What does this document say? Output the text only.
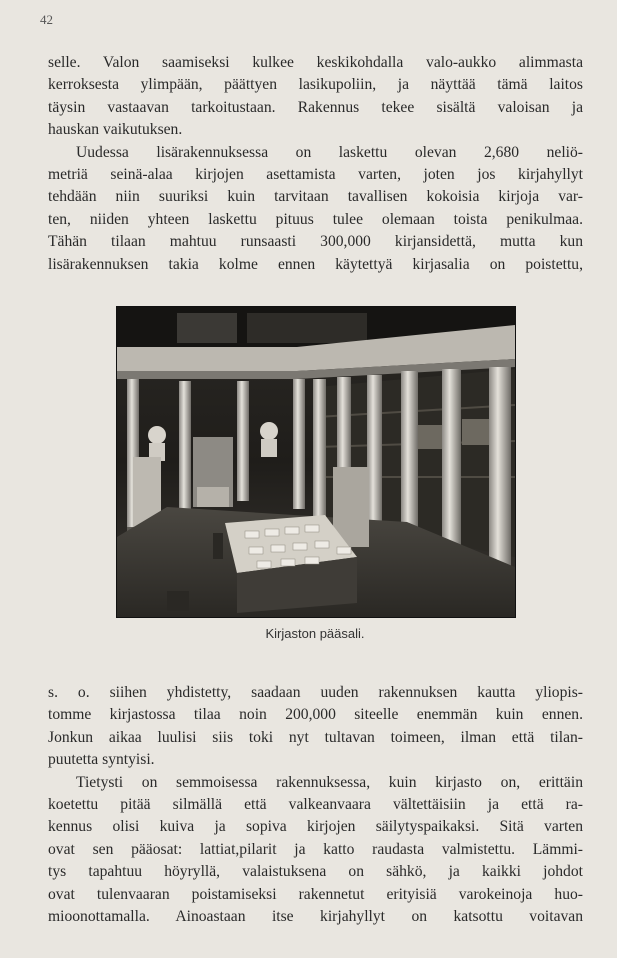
42

selle. Valon saamiseksi kulkee keskikohdalla valo-aukko alimmasta

kerroksesta ylimpään, päättyen lasikupoliin, ja näyttää tämä laitos

täysin vastaavan tarkoitustaan. Rakennus tekee sisältä valoisan ja

hauskan vaikutuksen.

Uudessa lisärakennuksessa on laskettu olevan 2,680 neliö-

metriä seinä-alaa kirjojen asettamista varten, joten jos kirjahyllyt

tehdään niin suuriksi kuin tarvitaan tavallisen kokoisia kirjoja var-

ten, niiden yhteen laskettu pituus tulee olemaan toista penikulmaa.

Tähän tilaan mahtuu runsaasti 300,000 kirjansidettä, mutta kun

lisärakennuksen takia kolme ennen käytettyä kirjasalia on poistettu,

Kirjaston pääsali.

s. o. siihen yhdistetty, saadaan uuden rakennuksen kautta yliopis-

tomme kirjastossa tilaa noin 200,000 siteelle enemmän kuin ennen.

Jonkun aikaa luulisi siis toki nyt tultavan toimeen, ilman että tilan-

puutetta syntyisi.

Tietysti on semmoisessa rakennuksessa, kuin kirjasto on, erittäin

koetettu pitää silmällä että valkeanvaara vältettäisiin ja että ra-

kennus olisi kuiva ja sopiva kirjojen säilytyspaikaksi. Sitä varten

ovat sen pääosat: lattiat,pilarit ja katto raudasta valmistettu. Lämmi-

tys tapahtuu höyryllä, valaistuksena on sähkö, ja kaikki johdot

ovat tulenvaaran poistamiseksi rakennetut erityisiä varokeinoja huo-

mioonottamalla. Ainoastaan itse kirjahyllyt on katsottu voitavan
